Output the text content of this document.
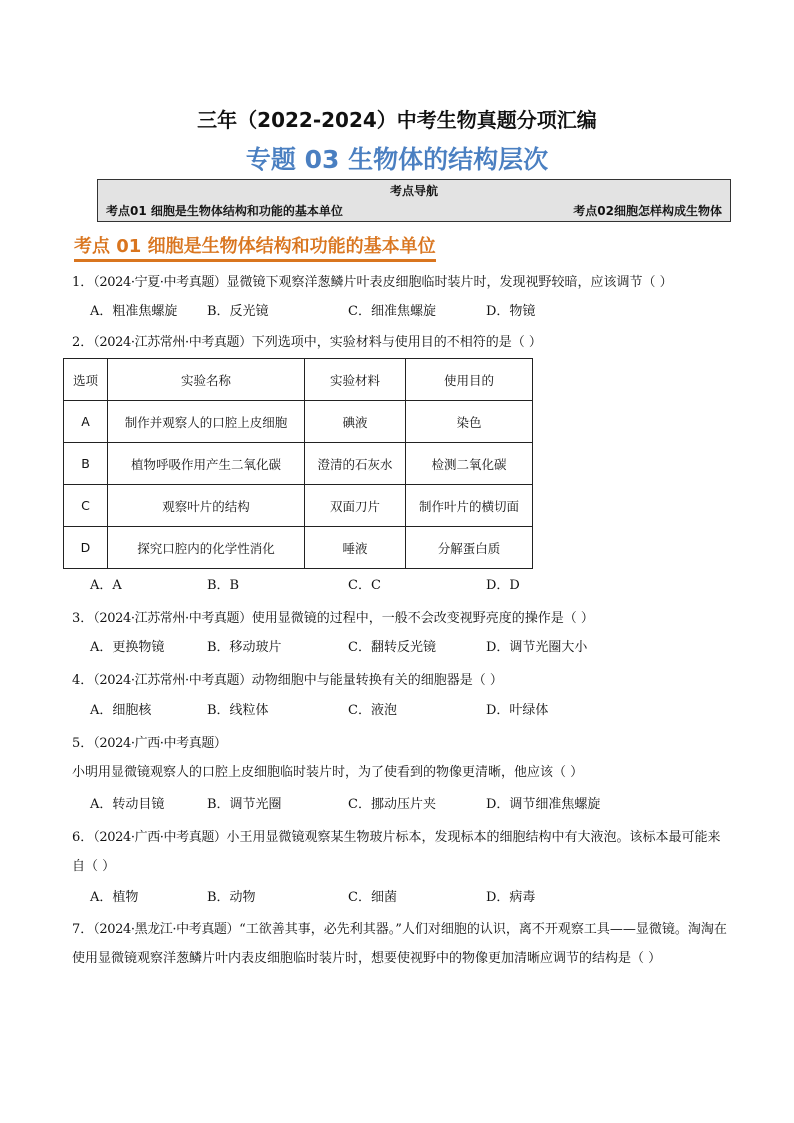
三年（2022-2024）中考生物真题分项汇编
专题 03 生物体的结构层次
考点导航
考点01 细胞是生物体结构和功能的基本单位	考点02细胞怎样构成生物体
考点 01 细胞是生物体结构和功能的基本单位
1．（2024·宁夏·中考真题）显微镜下观察洋葱鳞片叶表皮细胞临时装片时，发现视野较暗，应该调节（ ）
A．粗准焦螺旋 B．反光镜	C．细准焦螺旋	D．物镜
2．（2024·江苏常州·中考真题）下列选项中，实验材料与使用目的不相符的是（ ）
选项	实验名称	实验材料	使用目的
A	制作并观察人的口腔上皮细胞	碘液	染色
B	植物呼吸作用产生二氧化碳	澄清的石灰水	检测二氧化碳
C	观察叶片的结构	双面刀片	制作叶片的横切面
D	探究口腔内的化学性消化	唾液	分解蛋白质
A．A	B．B	C．C	D．D
3．（2024·江苏常州·中考真题）使用显微镜的过程中，一般不会改变视野亮度的操作是（ ）
A．更换物镜	B．移动玻片	C．翻转反光镜	D．调节光圈大小
4．（2024·江苏常州·中考真题）动物细胞中与能量转换有关的细胞器是（ ）
A．细胞核	B．线粒体	C．液泡	D．叶绿体
5．（2024·广西·中考真题）小明用显微镜观察人的口腔上皮细胞临时装片时，为了使看到的物像更清晰，他应该（ ）
A．转动目镜	B．调节光圈	C．挪动压片夹	D．调节细准焦螺旋
6．（2024·广西·中考真题）小王用显微镜观察某生物玻片标本，发现标本的细胞结构中有大液泡。该标本最可能来自（ ）
A．植物	B．动物	C．细菌	D．病毒
7．（2024·黑龙江·中考真题）“工欲善其事，必先利其器。”人们对细胞的认识，离不开观察工具——显微镜。淘淘在使用显微镜观察洋葱鳞片叶内表皮细胞临时装片时，想要使视野中的物像更加清晰应调节的结构是（ ）
